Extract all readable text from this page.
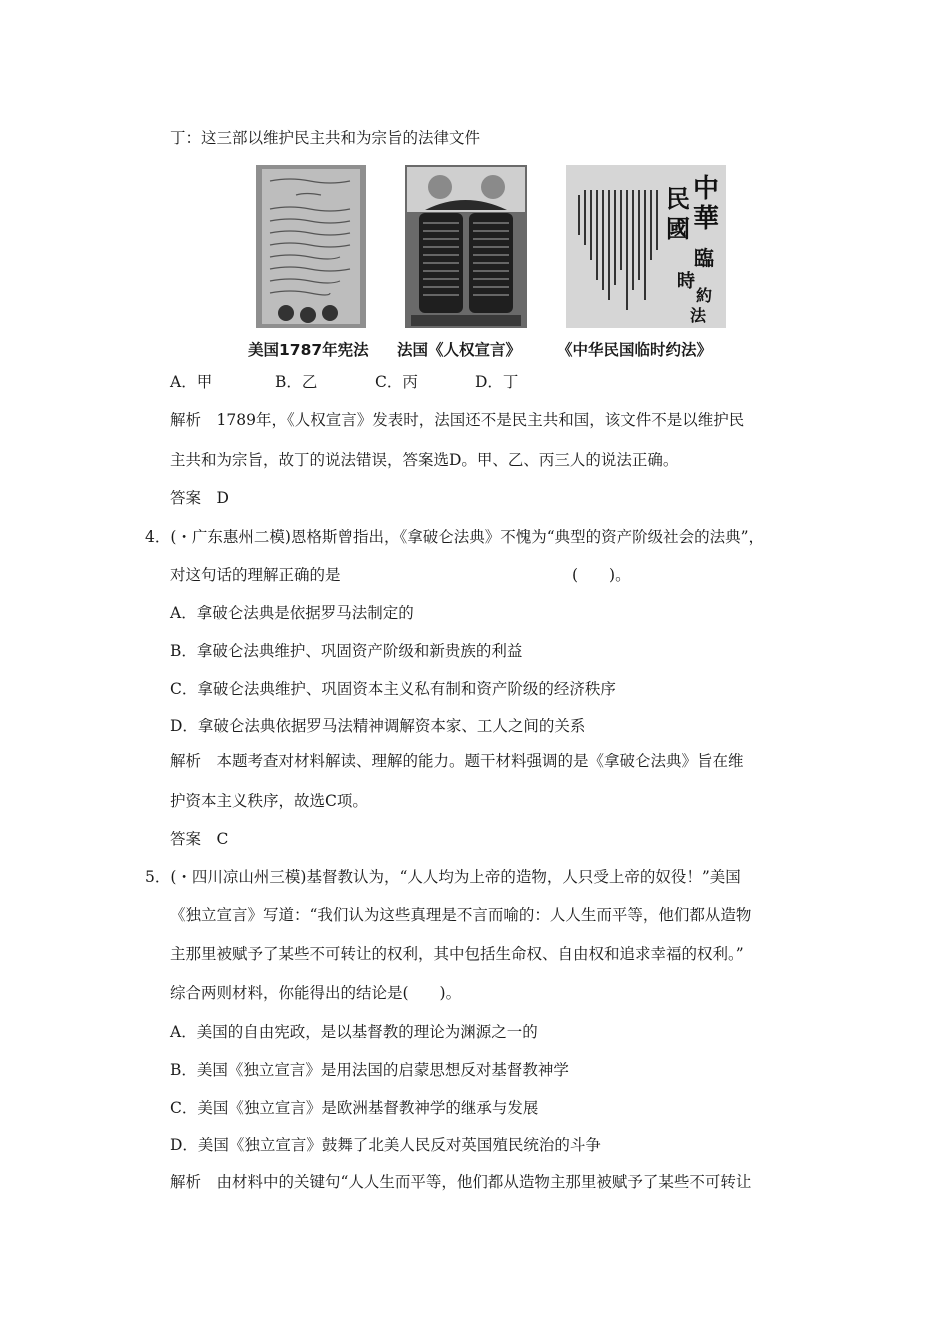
丁：这三部以维护民主共和为宗旨的法律文件
中
華
民
國
臨
時
約
法
美国1787年宪法 法国《人权宣言》 《中华民国临时约法》
A．甲	B．乙	C．丙	D．丁
解析　1789年，《人权宣言》发表时，法国还不是民主共和国，该文件不是以维护民
主共和为宗旨，故丁的说法错误，答案选D。甲、乙、丙三人的说法正确。
答案　D
4．(・广东惠州二模)恩格斯曾指出，《拿破仑法典》不愧为“典型的资产阶级社会的法典”，
对这句话的理解正确的是	(　　)。
A．拿破仑法典是依据罗马法制定的
B．拿破仑法典维护、巩固资产阶级和新贵族的利益
C．拿破仑法典维护、巩固资本主义私有制和资产阶级的经济秩序
D．拿破仑法典依据罗马法精神调解资本家、工人之间的关系
解析　本题考查对材料解读、理解的能力。题干材料强调的是《拿破仑法典》旨在维
护资本主义秩序，故选C项。
答案　C
5．(・四川凉山州三模)基督教认为，“人人均为上帝的造物，人只受上帝的奴役！”美国
《独立宣言》写道：“我们认为这些真理是不言而喻的：人人生而平等，他们都从造物
主那里被赋予了某些不可转让的权利，其中包括生命权、自由权和追求幸福的权利。”
综合两则材料，你能得出的结论是(　　)。
A．美国的自由宪政，是以基督教的理论为渊源之一的
B．美国《独立宣言》是用法国的启蒙思想反对基督教神学
C．美国《独立宣言》是欧洲基督教神学的继承与发展
D．美国《独立宣言》鼓舞了北美人民反对英国殖民统治的斗争
解析　由材料中的关键句“人人生而平等，他们都从造物主那里被赋予了某些不可转让
